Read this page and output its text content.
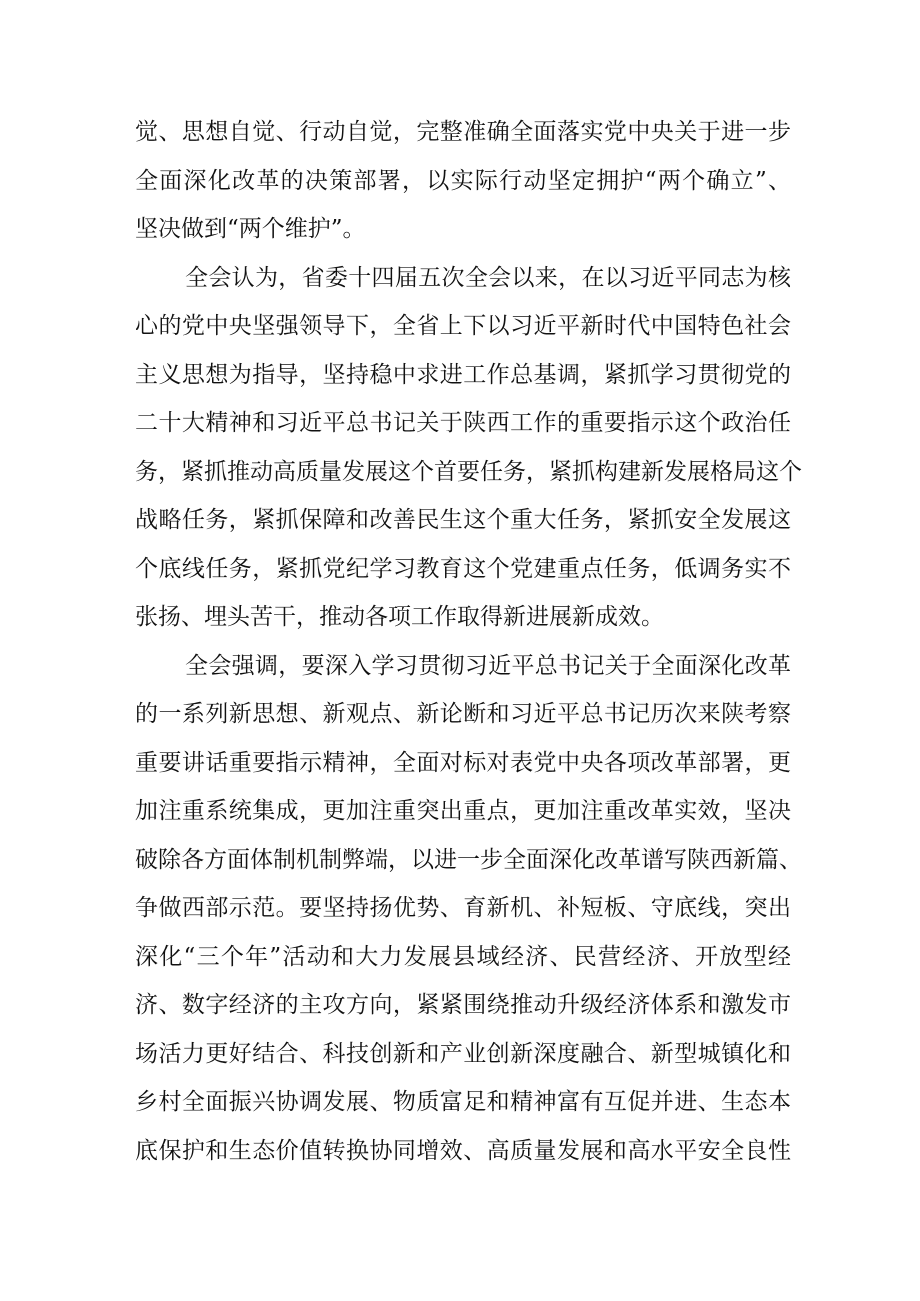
觉、思想自觉、行动自觉，完整准确全面落实党中央关于进一步
全面深化改革的决策部署，以实际行动坚定拥护“两个确立”、
坚决做到“两个维护”。
全会认为，省委十四届五次全会以来，在以习近平同志为核
心的党中央坚强领导下，全省上下以习近平新时代中国特色社会
主义思想为指导，坚持稳中求进工作总基调，紧抓学习贯彻党的
二十大精神和习近平总书记关于陕西工作的重要指示这个政治任
务，紧抓推动高质量发展这个首要任务，紧抓构建新发展格局这个
战略任务，紧抓保障和改善民生这个重大任务，紧抓安全发展这
个底线任务，紧抓党纪学习教育这个党建重点任务，低调务实不
张扬、埋头苦干，推动各项工作取得新进展新成效。
全会强调，要深入学习贯彻习近平总书记关于全面深化改革
的一系列新思想、新观点、新论断和习近平总书记历次来陕考察
重要讲话重要指示精神，全面对标对表党中央各项改革部署，更
加注重系统集成，更加注重突出重点，更加注重改革实效，坚决
破除各方面体制机制弊端，以进一步全面深化改革谱写陕西新篇、
争做西部示范。要坚持扬优势、育新机、补短板、守底线，突出
深化“三个年”活动和大力发展县域经济、民营经济、开放型经
济、数字经济的主攻方向，紧紧围绕推动升级经济体系和激发市
场活力更好结合、科技创新和产业创新深度融合、新型城镇化和
乡村全面振兴协调发展、物质富足和精神富有互促并进、生态本
底保护和生态价值转换协同增效、高质量发展和高水平安全良性
